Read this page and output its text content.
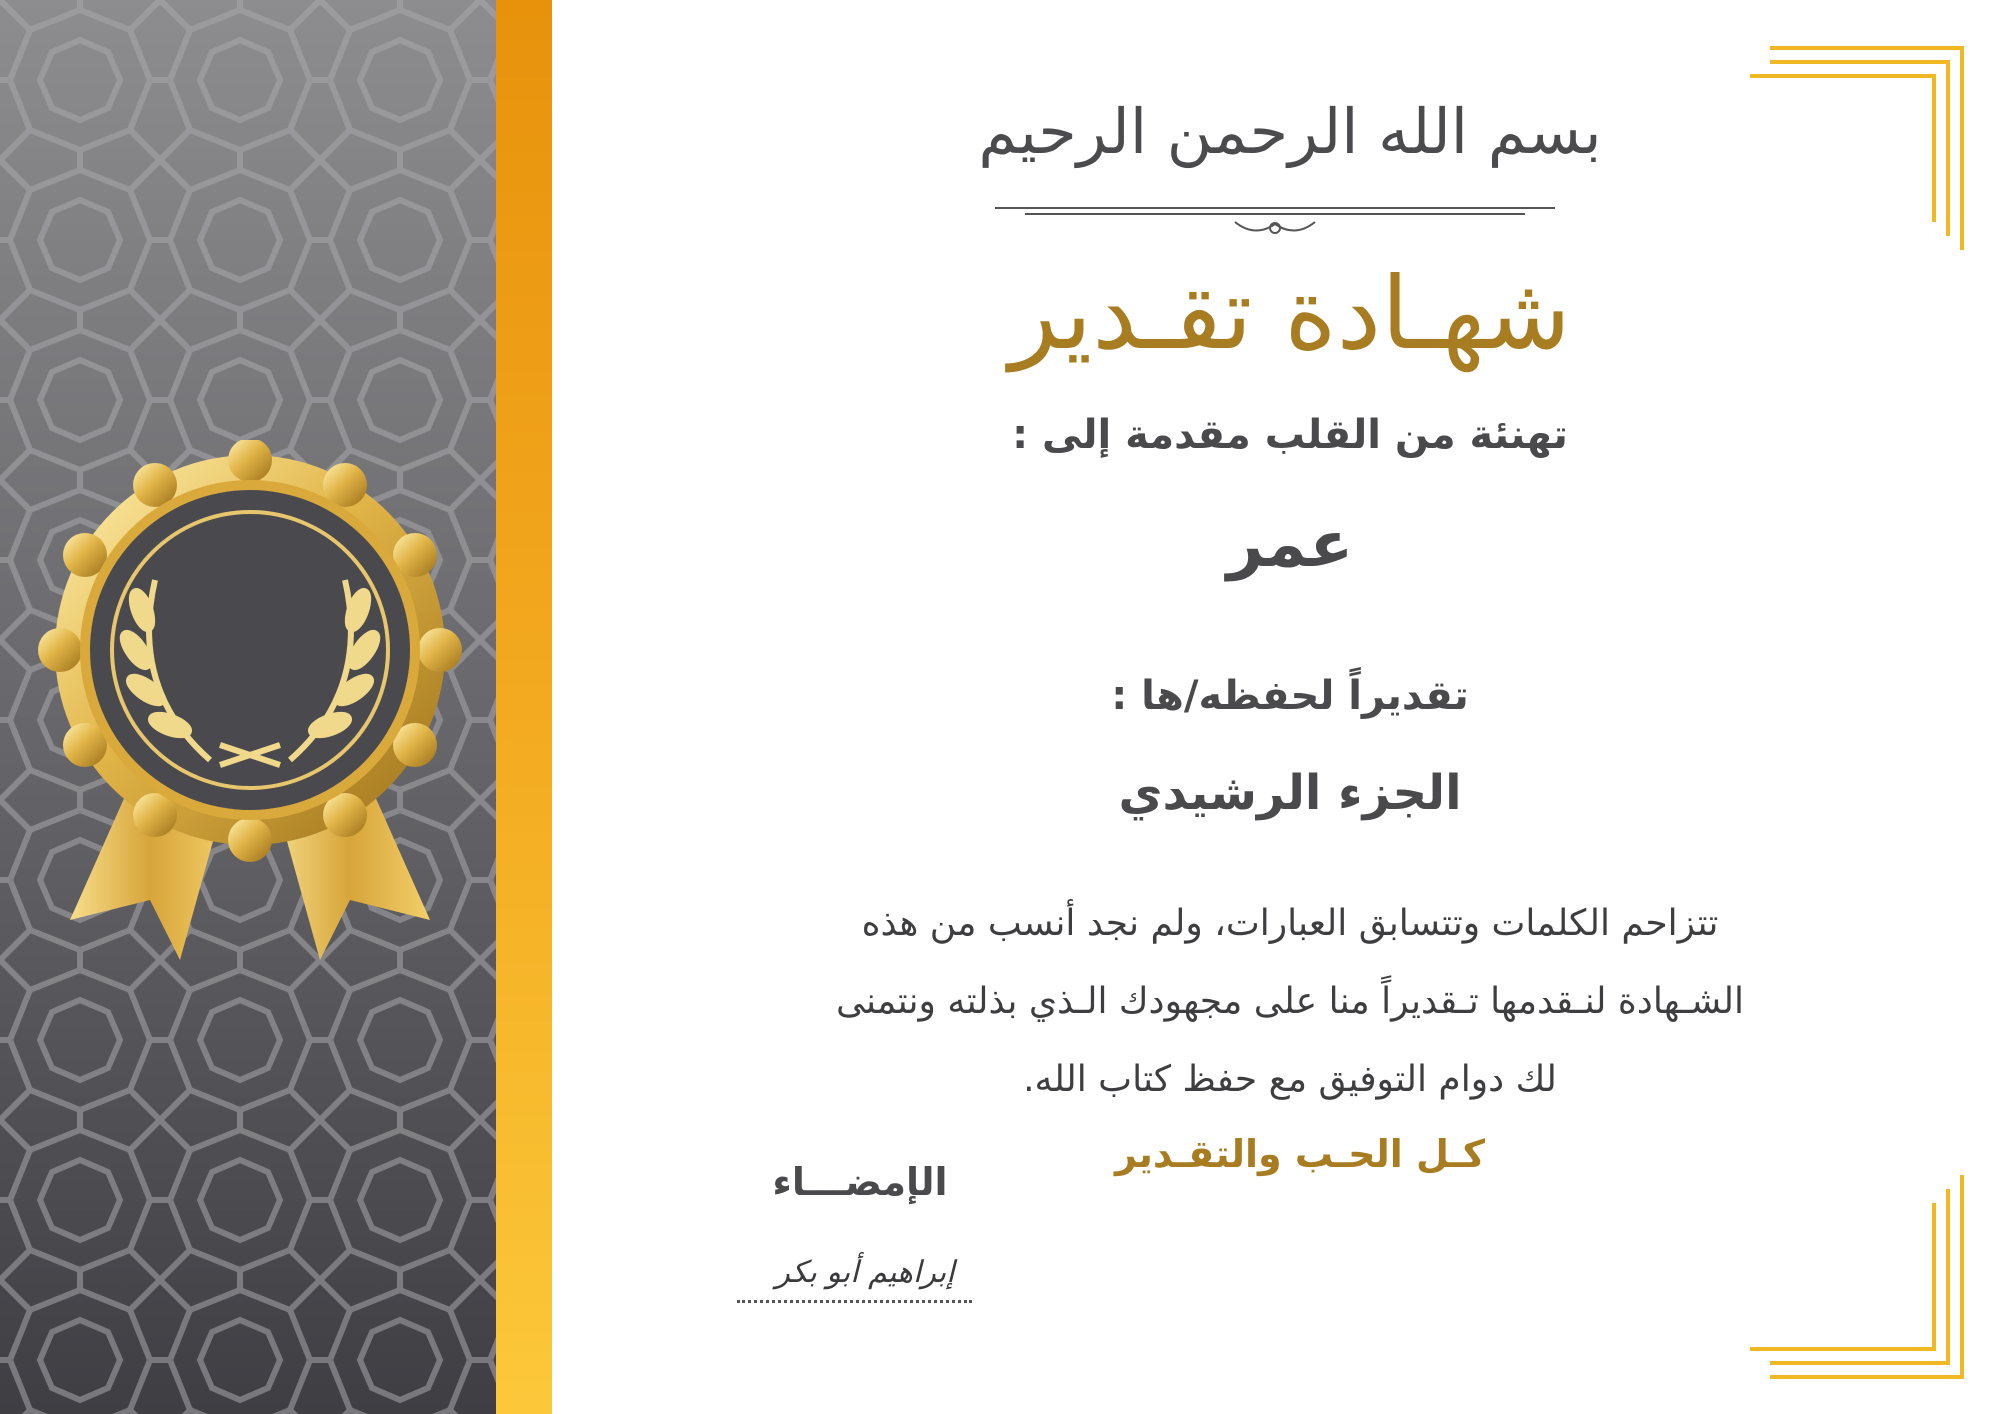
بسم الله الرحمن الرحيم
شهـادة تقـدير
تهنئة من القلب مقدمة إلى :
عمر
تقديراً لحفظه/ها :
الجزء الرشيدي
تتزاحم الكلمات وتتسابق العبارات، ولم نجد أنسب من هذه
الشـهادة لنـقدمها تـقديراً منا على مجهودك الـذي بذلته ونتمنى
لك دوام التوفيق مع حفظ كتاب الله.
كـل الحـب والتقـدير
الإمضـــاء
إبراهيم أبو بكر
